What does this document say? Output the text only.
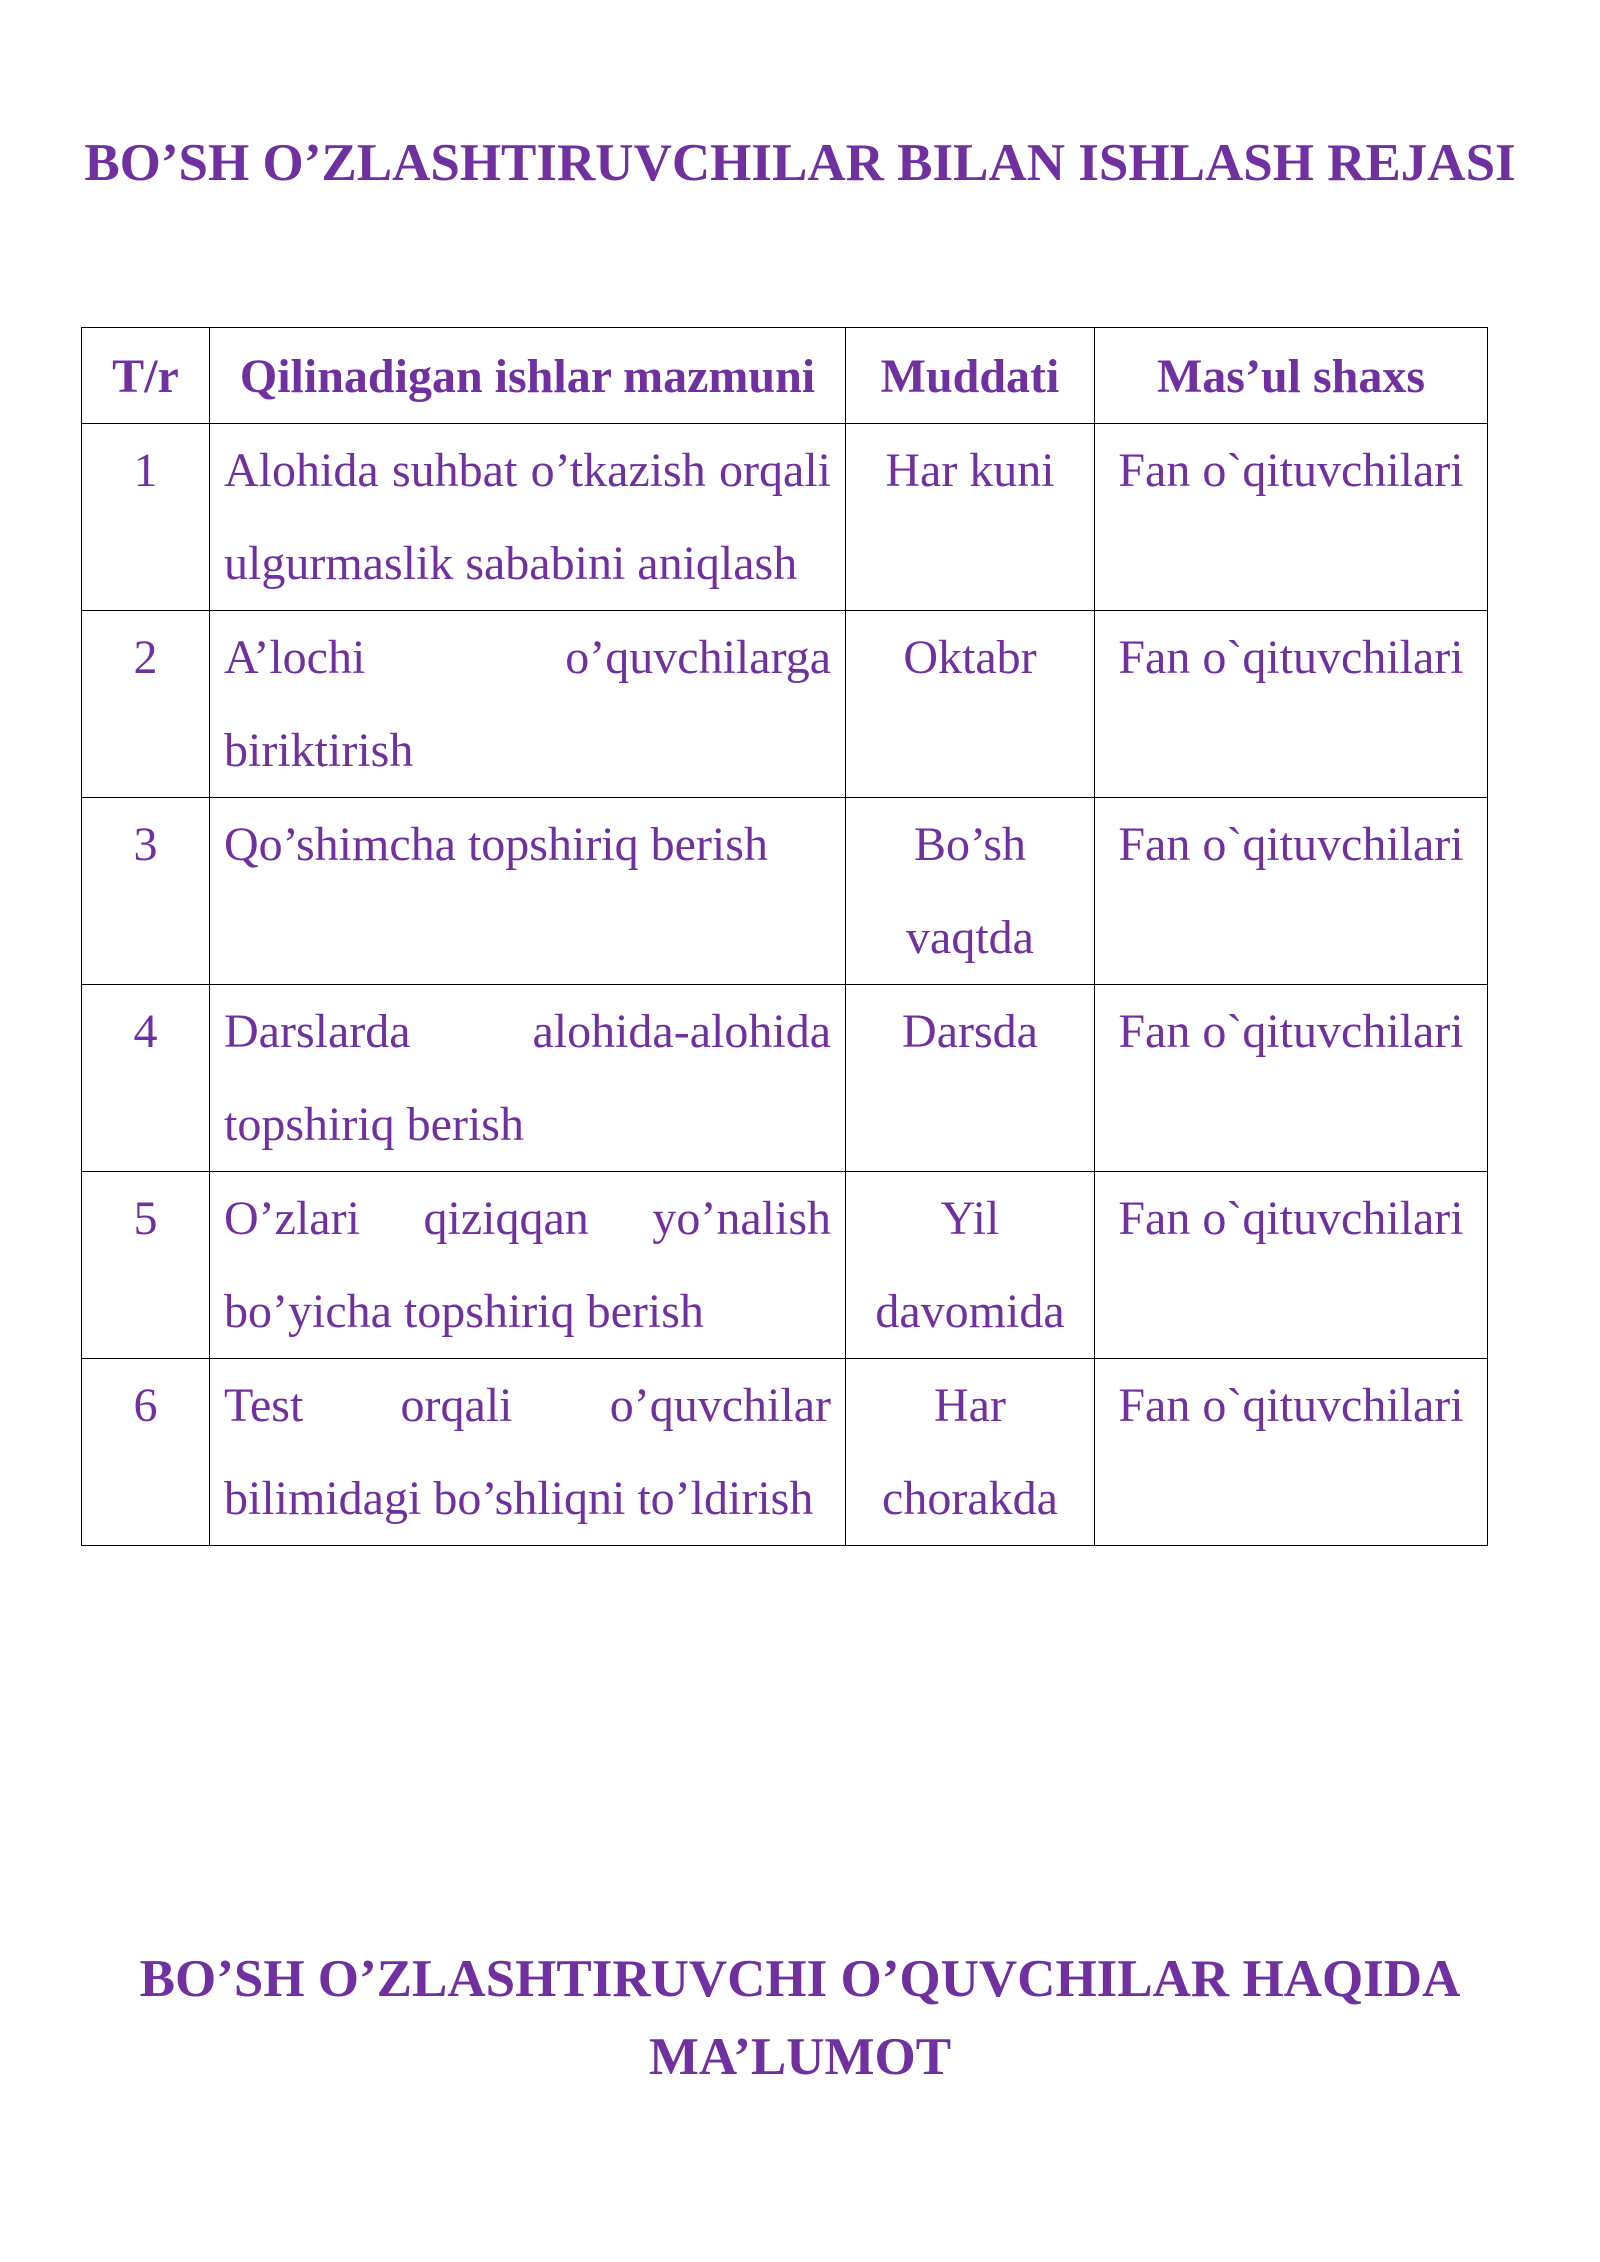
BO’SH O’ZLASHTIRUVCHILAR BILAN ISHLASH REJASI
T/r	Qilinadigan ishlar mazmuni	Muddati	Mas’ul shaxs
1	Alohida suhbat o’tkazish orqali ulgurmaslik sababini aniqlash	Har kuni	Fan o`qituvchilari
2	A’lochi o’quvchilarga biriktirish	Oktabr	Fan o`qituvchilari
3	Qo’shimcha topshiriq berish	Bo’sh vaqtda	Fan o`qituvchilari
4	Darslarda alohida-alohida topshiriq berish	Darsda	Fan o`qituvchilari
5	O’zlari qiziqqan yo’nalish bo’yicha topshiriq berish	Yil davomida	Fan o`qituvchilari
6	Test orqali o’quvchilar bilimidagi bo’shliqni to’ldirish	Har chorakda	Fan o`qituvchilari
BO’SH O’ZLASHTIRUVCHI O’QUVCHILAR HAQIDA MA’LUMOT
